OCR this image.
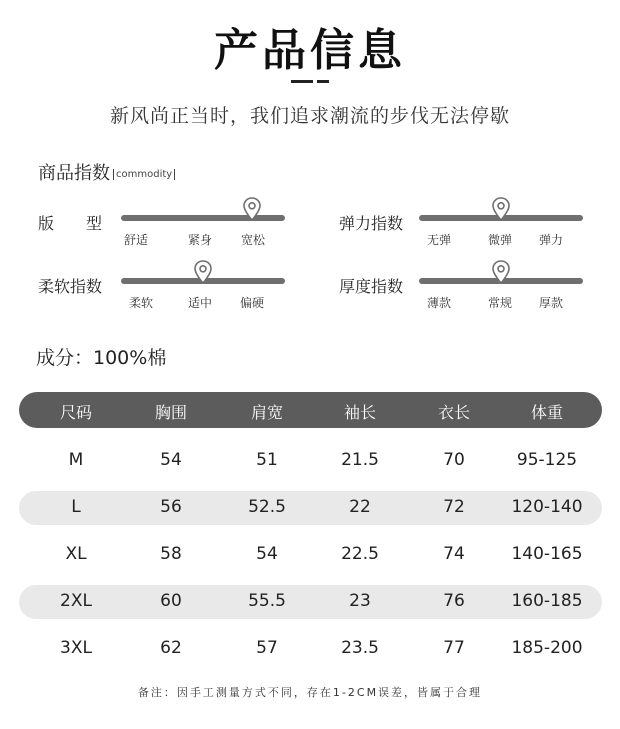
产品信息
新风尚正当时，我们追求潮流的步伐无法停歇
商品指数 commodity
版　　型
舒适	紧身 宽松
弹力指数
无弹	微弹 弹力
柔软指数
柔软	适中 偏硬
厚度指数
薄款	常规 厚款
成分：100%棉
尺码	胸围	肩宽	袖长	衣长	体重
M	54	51	21.5	70	95-125
L	56	52.5	22	72	120-140
XL	58	54	22.5	74	140-165
2XL	60	55.5	23	76	160-185
3XL	62	57	23.5	77	185-200
备注：因手工测量方式不同，存在1-2CM误差，皆属于合理
